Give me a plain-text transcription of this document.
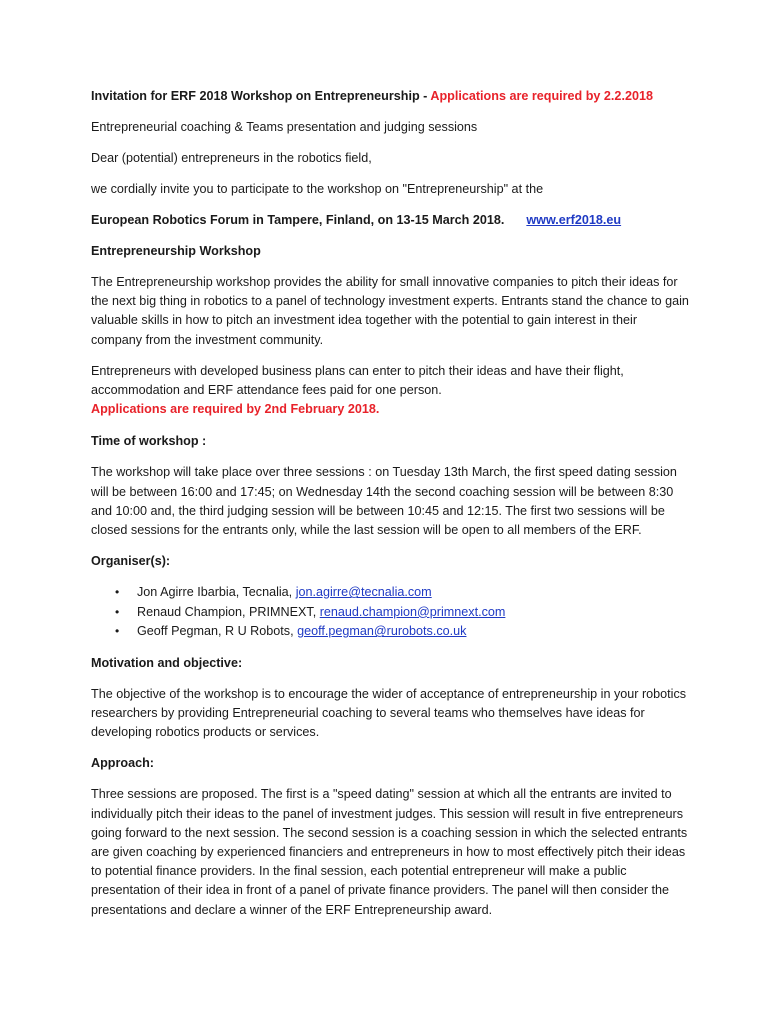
Invitation for ERF 2018 Workshop on Entrepreneurship - Applications are required by 2.2.2018

Entrepreneurial coaching & Teams presentation and judging sessions

Dear (potential) entrepreneurs in the robotics field,

we cordially invite you to participate to the workshop on "Entrepreneurship" at the

European Robotics Forum in Tampere, Finland, on 13-15 March 2018. www.erf2018.eu

Entrepreneurship Workshop

The Entrepreneurship workshop provides the ability for small innovative companies to pitch their ideas for the next big thing in robotics to a panel of technology investment experts. Entrants stand the chance to gain valuable skills in how to pitch an investment idea together with the potential to gain interest in their company from the investment community.

Entrepreneurs with developed business plans can enter to pitch their ideas and have their flight, accommodation and ERF attendance fees paid for one person.

Applications are required by 2nd February 2018.

Time of workshop :

The workshop will take place over three sessions : on Tuesday 13th March, the first speed dating session will be between 16:00 and 17:45; on Wednesday 14th the second coaching session will be between 8:30 and 10:00 and, the third judging session will be between 10:45 and 12:15. The first two sessions will be closed sessions for the entrants only, while the last session will be open to all members of the ERF.

Organiser(s):

• Jon Agirre Ibarbia, Tecnalia, jon.agirre@tecnalia.com
• Renaud Champion, PRIMNEXT, renaud.champion@primnext.com
• Geoff Pegman, R U Robots, geoff.pegman@rurobots.co.uk

Motivation and objective:

The objective of the workshop is to encourage the wider of acceptance of entrepreneurship in your robotics researchers by providing Entrepreneurial coaching to several teams who themselves have ideas for developing robotics products or services.

Approach:

Three sessions are proposed. The first is a "speed dating" session at which all the entrants are invited to individually pitch their ideas to the panel of investment judges. This session will result in five entrepreneurs going forward to the next session. The second session is a coaching session in which the selected entrants are given coaching by experienced financiers and entrepreneurs in how to most effectively pitch their ideas to potential finance providers. In the final session, each potential entrepreneur will make a public presentation of their idea in front of a panel of private finance providers. The panel will then consider the presentations and declare a winner of the ERF Entrepreneurship award.
